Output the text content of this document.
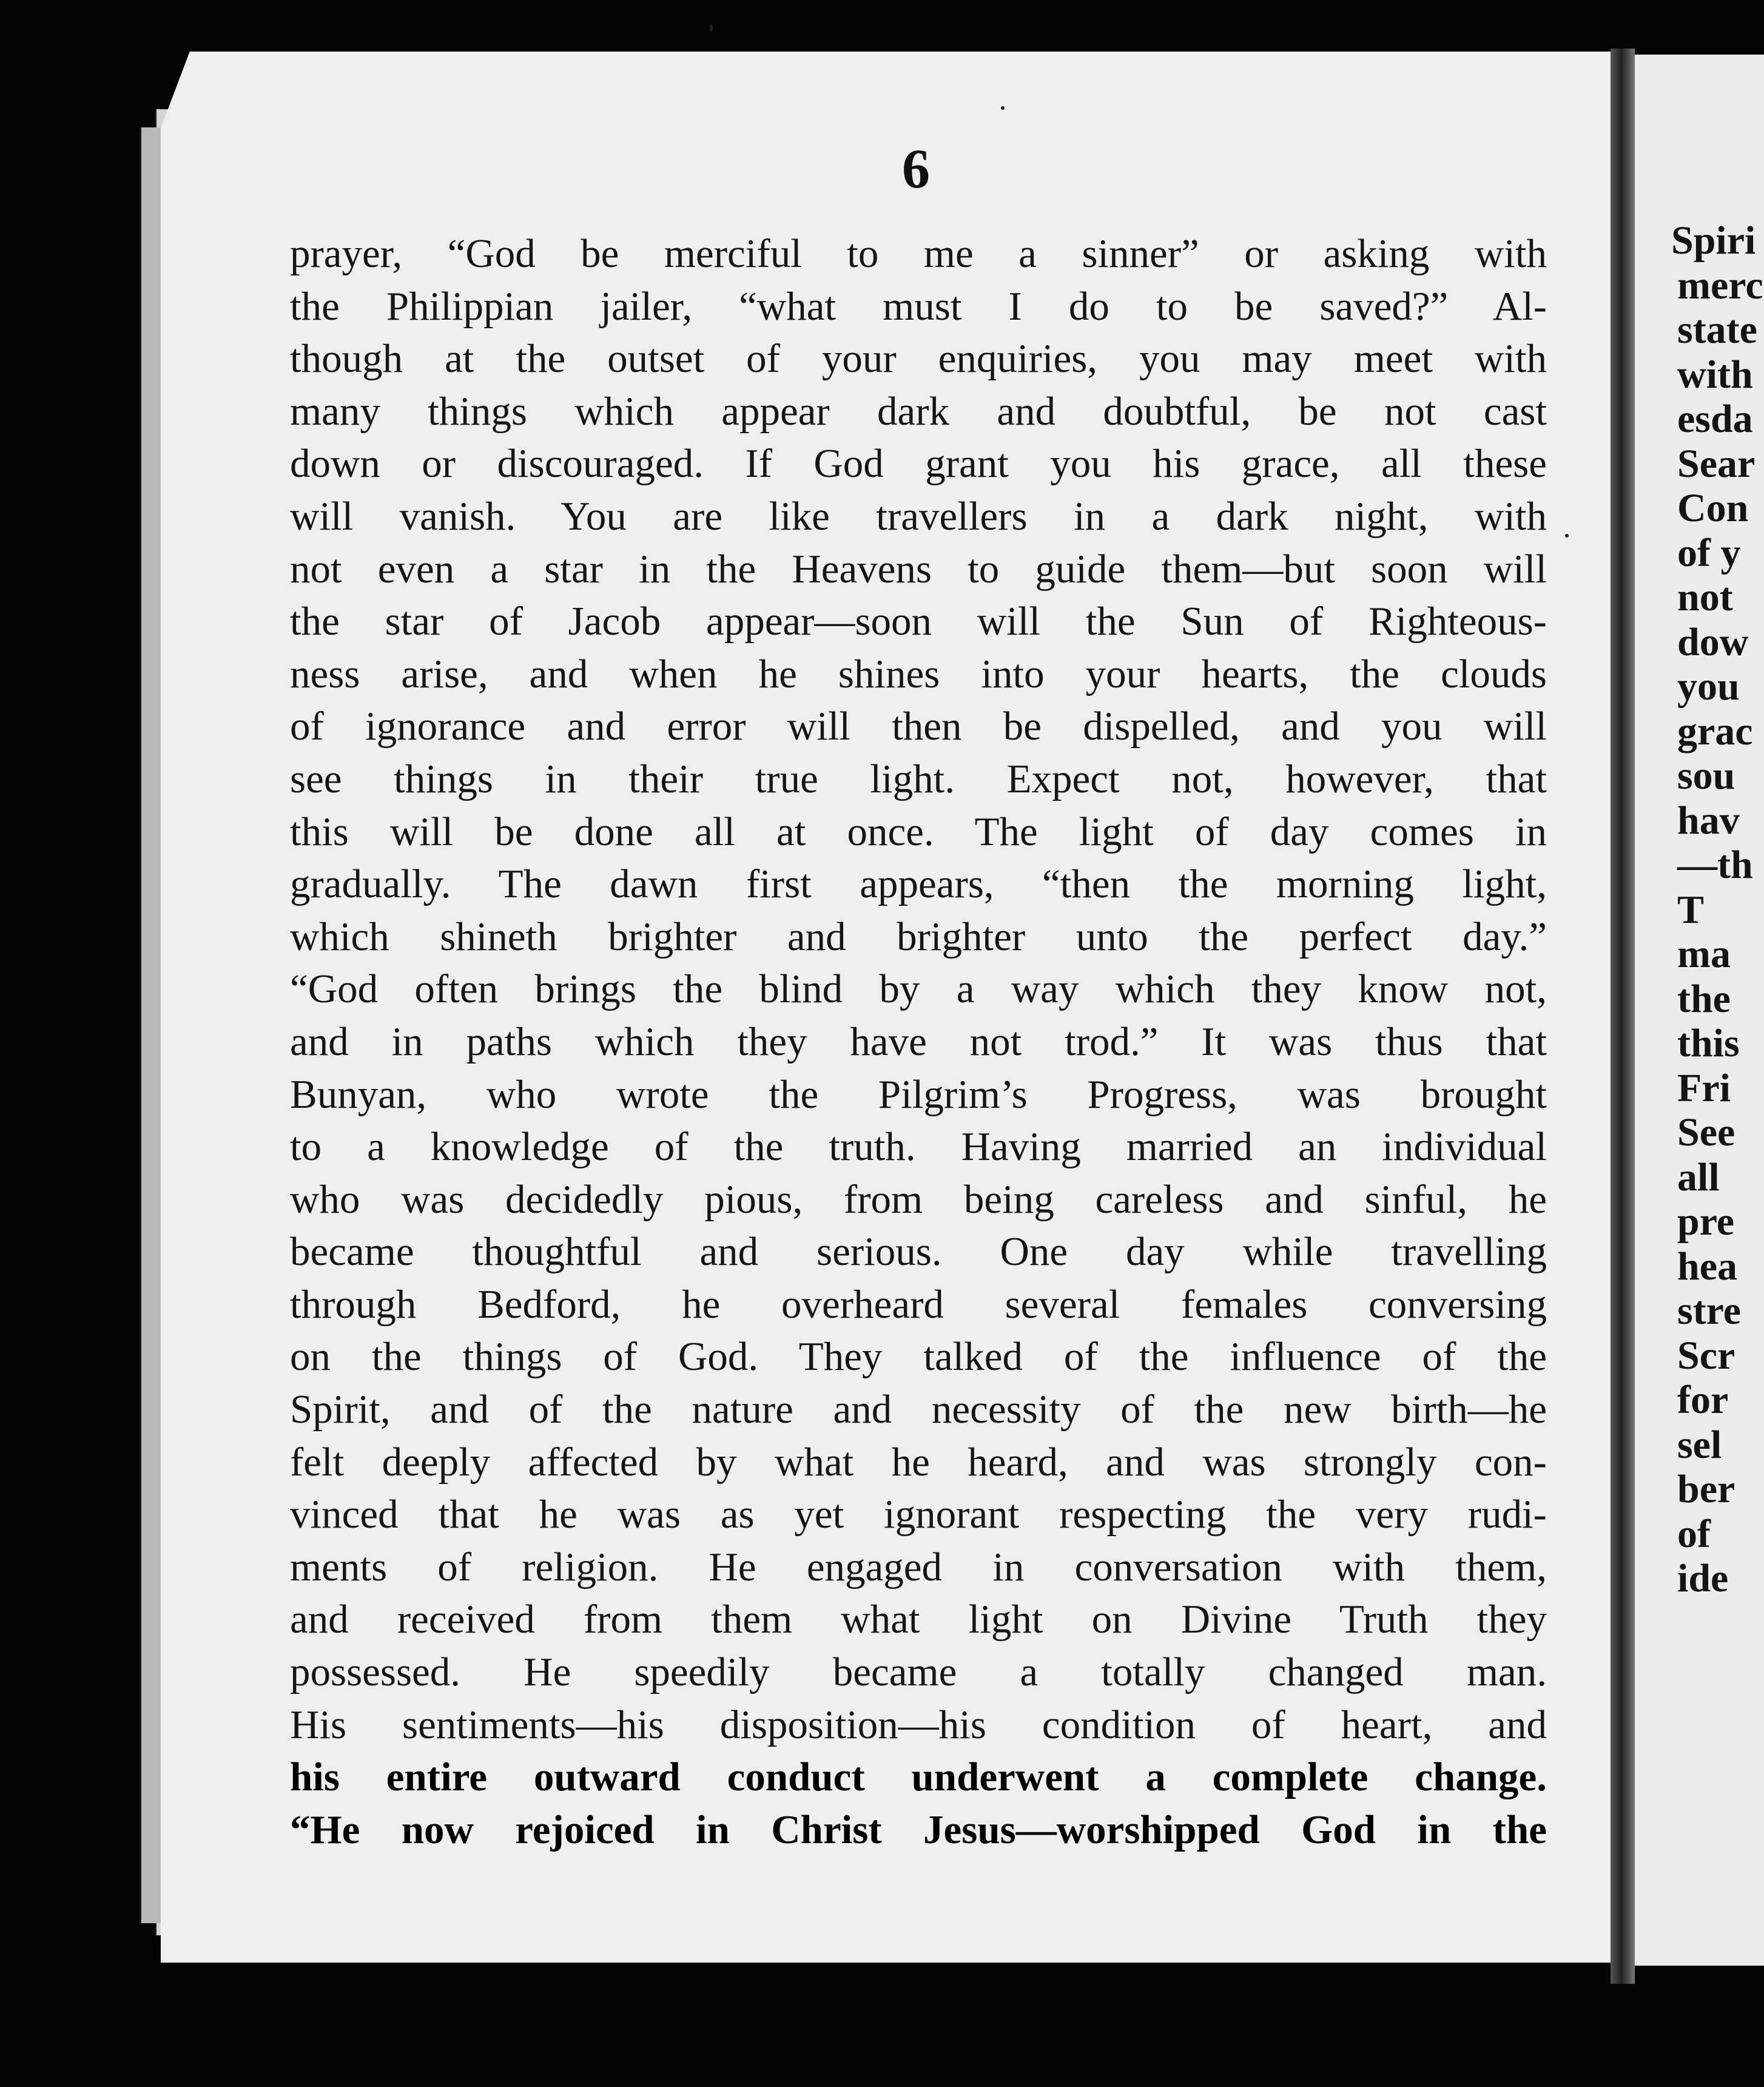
6
prayer, “God be merciful to me a sinner” or asking with
the Philippian jailer, “what must I do to be saved?” Al-
though at the outset of your enquiries, you may meet with
many things which appear dark and doubtful, be not cast
down or discouraged. If God grant you his grace, all these
will vanish. You are like travellers in a dark night, with
not even a star in the Heavens to guide them—but soon will
the star of Jacob appear—soon will the Sun of Righteous-
ness arise, and when he shines into your hearts, the clouds
of ignorance and error will then be dispelled, and you will
see things in their true light. Expect not, however, that
this will be done all at once. The light of day comes in
gradually. The dawn first appears, “then the morning light,
which shineth brighter and brighter unto the perfect day.”
“God often brings the blind by a way which they know not,
and in paths which they have not trod.” It was thus that
Bunyan, who wrote the Pilgrim’s Progress, was brought
to a knowledge of the truth. Having married an individual
who was decidedly pious, from being careless and sinful, he
became thoughtful and serious. One day while travelling
through Bedford, he overheard several females conversing
on the things of God. They talked of the influence of the
Spirit, and of the nature and necessity of the new birth—he
felt deeply affected by what he heard, and was strongly con-
vinced that he was as yet ignorant respecting the very rudi-
ments of religion. He engaged in conversation with them,
and received from them what light on Divine Truth they
possessed. He speedily became a totally changed man.
His sentiments—his disposition—his condition of heart, and
his entire outward conduct underwent a complete change.
“He now rejoiced in Christ Jesus—worshipped God in the
Spiri
merc
state
with
esda
Sear
Con
of y
not
dow
you
grac
sou
hav
—th
T
ma
the
this
Fri
See
all
pre
hea
stre
Scr
for
sel
ber
of
ide
